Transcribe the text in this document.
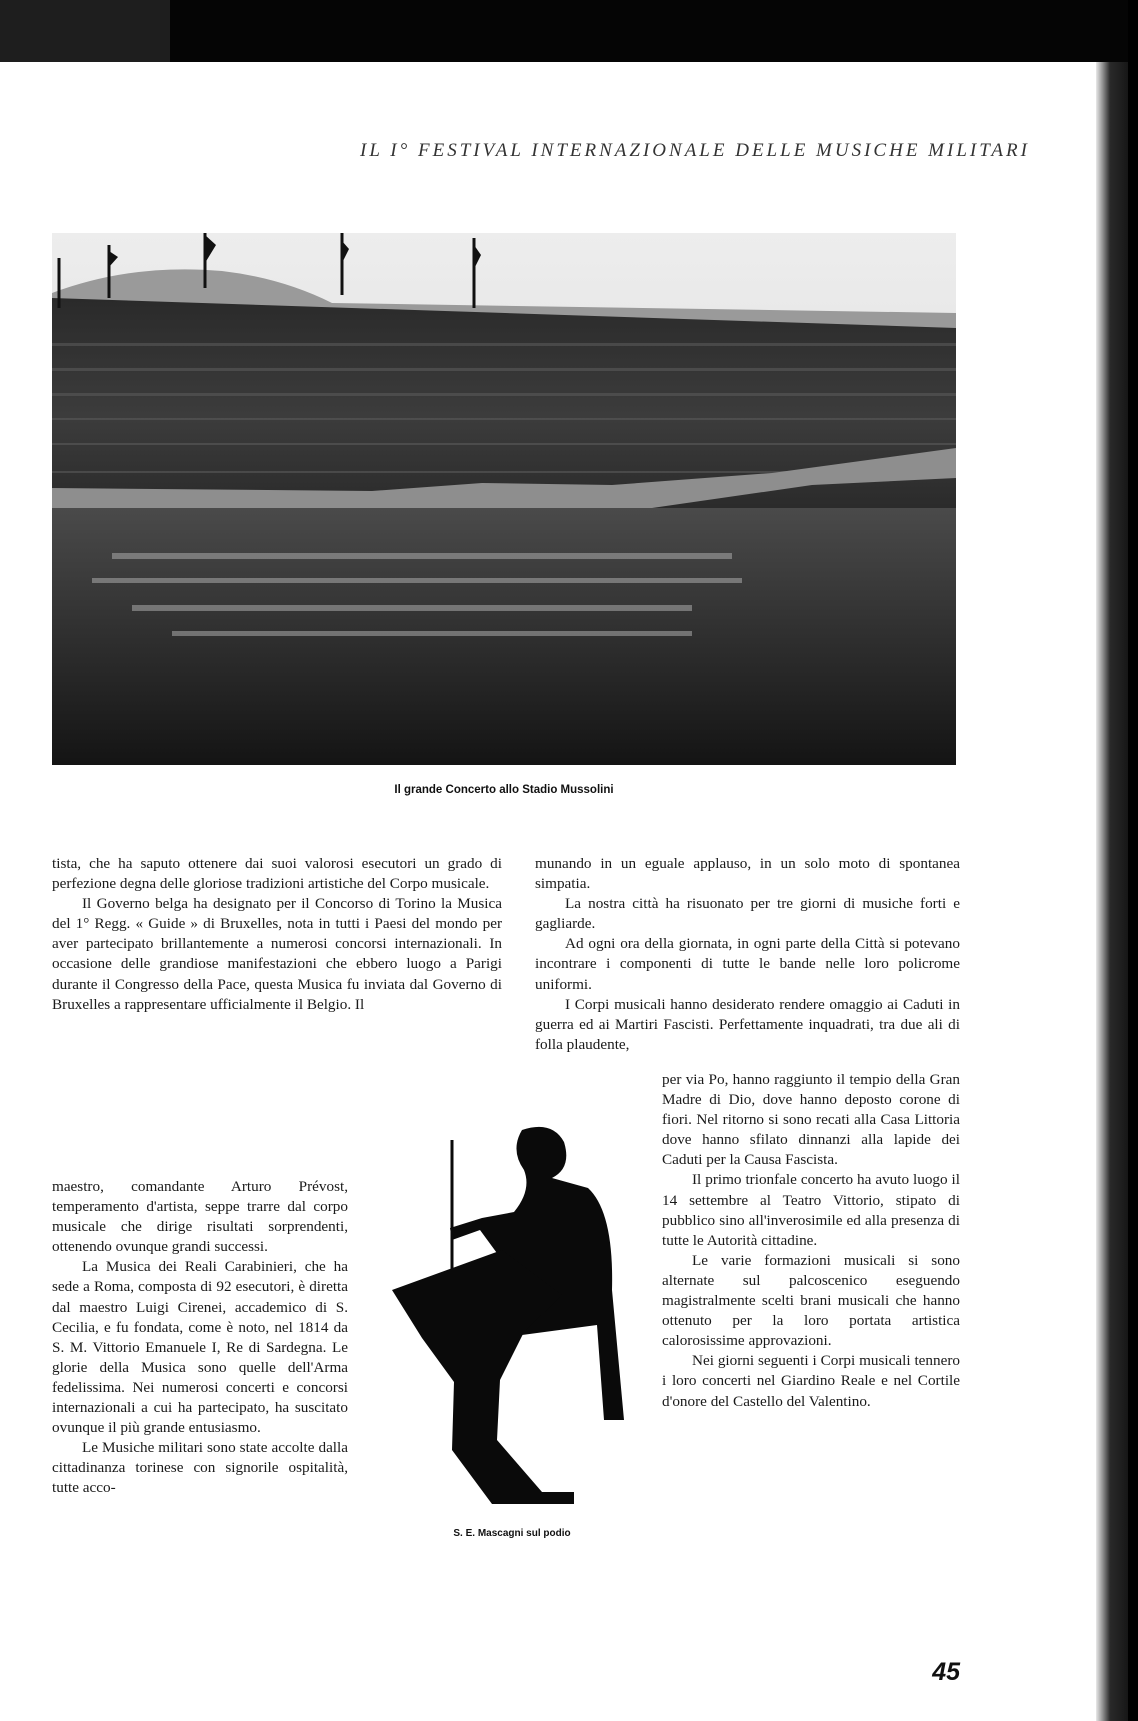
IL I° FESTIVAL INTERNAZIONALE DELLE MUSICHE MILITARI
Il grande Concerto allo Stadio Mussolini

tista, che ha saputo ottenere dai suoi valorosi esecutori un grado di perfezione degna delle gloriose tradizioni artistiche del Corpo musicale.

Il Governo belga ha designato per il Concorso di Torino la Musica del 1° Regg. « Guide » di Bruxelles, nota in tutti i Paesi del mondo per aver partecipato brillantemente a numerosi concorsi internazionali. In occasione delle grandiose manifestazioni che ebbero luogo a Parigi durante il Congresso della Pace, questa Musica fu inviata dal Governo di Bruxelles a rappresentare ufficialmente il Belgio. Il

maestro, comandante Arturo Prévost, temperamento d'artista, seppe trarre dal corpo musicale che dirige risultati sorprendenti, ottenendo ovunque grandi successi.

La Musica dei Reali Carabinieri, che ha sede a Roma, composta di 92 esecutori, è diretta dal maestro Luigi Cirenei, accademico di S. Cecilia, e fu fondata, come è noto, nel 1814 da S. M. Vittorio Emanuele I, Re di Sardegna. Le glorie della Musica sono quelle dell'Arma fedelissima. Nei numerosi concerti e concorsi internazionali a cui ha partecipato, ha suscitato ovunque il più grande entusiasmo.

Le Musiche militari sono state accolte dalla cittadinanza torinese con signorile ospitalità, tutte acco-

munando in un eguale applauso, in un solo moto di spontanea simpatia.

La nostra città ha risuonato per tre giorni di musiche forti e gagliarde.

Ad ogni ora della giornata, in ogni parte della Città si potevano incontrare i componenti di tutte le bande nelle loro policrome uniformi.

I Corpi musicali hanno desiderato rendere omaggio ai Caduti in guerra ed ai Martiri Fascisti. Perfettamente inquadrati, tra due ali di folla plaudente,

per via Po, hanno raggiunto il tempio della Gran Madre di Dio, dove hanno deposto corone di fiori. Nel ritorno si sono recati alla Casa Littoria dove hanno sfilato dinnanzi alla lapide dei Caduti per la Causa Fascista.

Il primo trionfale concerto ha avuto luogo il 14 settembre al Teatro Vittorio, stipato di pubblico sino all'inverosimile ed alla presenza di tutte le Autorità cittadine.

Le varie formazioni musicali si sono alternate sul palcoscenico eseguendo magistralmente scelti brani musicali che hanno ottenuto per la loro portata artistica calorosissime approvazioni.

Nei giorni seguenti i Corpi musicali tennero i loro concerti nel Giardino Reale e nel Cortile d'onore del Castello del Valentino.

S. E. Mascagni sul podio
45
